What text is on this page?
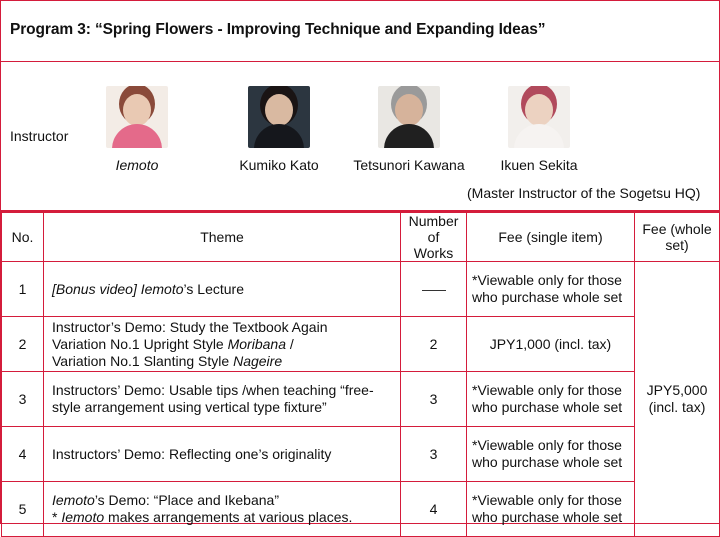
Program 3: “Spring Flowers - Improving Technique and Expanding Ideas”
Instructor
Iemoto	Kumiko Kato	Tetsunori Kawana	Ikuen Sekita
(Master Instructor of the Sogetsu HQ)
No.	Theme	Number of Works	Fee (single item)	Fee (whole set)
1	[Bonus video] Iemoto’s Lecture		*Viewable only for those who purchase whole set	JPY5,000
(incl. tax)
2	Instructor’s Demo: Study the Textbook Again
Variation No.1 Upright Style Moribana /
Variation No.1 Slanting Style Nageire	2	JPY1,000 (incl. tax)	
3	Instructors’ Demo: Usable tips /when teaching “free-style arrangement using vertical type fixture”	3	*Viewable only for those who purchase whole set	
4	Instructors’ Demo: Reflecting one’s originality	3	*Viewable only for those who purchase whole set	
5	Iemoto’s Demo: “Place and Ikebana”
* Iemoto makes arrangements at various places.	4	*Viewable only for those who purchase whole set	
